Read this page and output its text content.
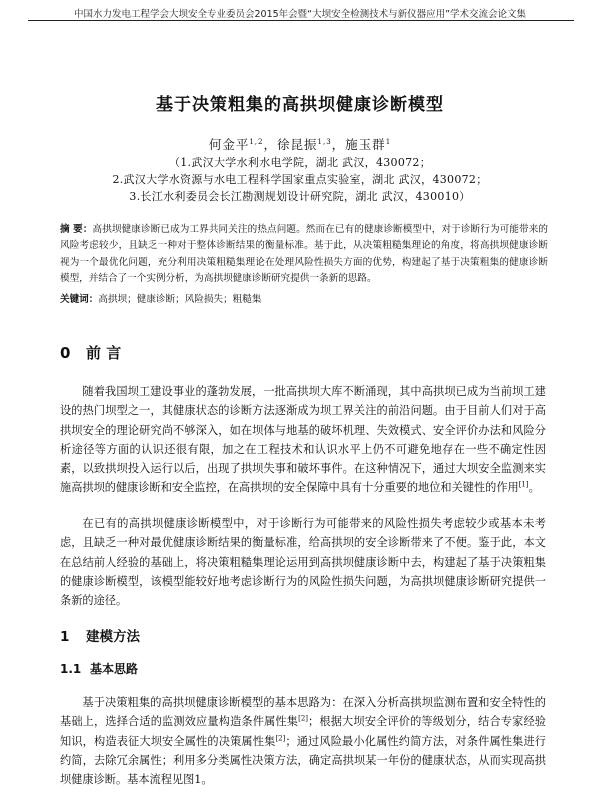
中国水力发电工程学会大坝安全专业委员会2015年会暨“大坝安全检测技术与新仪器应用”学术交流会论文集
基于决策粗集的高拱坝健康诊断模型
何金平$^{1,2}$，徐昆振$^{1,3}$，施玉群$^1$
（1.武汉大学水利水电学院，湖北 武汉，430072；
2.武汉大学水资源与水电工程科学国家重点实验室，湖北 武汉，430072；
3.长江水利委员会长江勘测规划设计研究院，湖北 武汉，430010）
摘 要：高拱坝健康诊断已成为工界共同关注的热点问题。然而在已有的健康诊断模型中，对于诊断行为可能带来的风险考虑较少，且缺乏一种对于整体诊断结果的衡量标准。基于此，从决策粗糙集理论的角度，将高拱坝健康诊断视为一个最优化问题，充分利用决策粗糙集理论在处理风险性损失方面的优势，构建起了基于决策粗集的健康诊断模型，并结合了一个实例分析，为高拱坝健康诊断研究提供一条新的思路。
关键词：高拱坝；健康诊断；风险损失；粗糙集
0 前 言
随着我国坝工建设事业的蓬勃发展，一批高拱坝大库不断涌现，其中高拱坝已成为当前坝工建设的热门坝型之一，其健康状态的诊断方法逐渐成为坝工界关注的前沿问题。由于目前人们对于高拱坝安全的理论研究尚不够深入，如在坝体与地基的破坏机理、失效模式、安全评价办法和风险分析途径等方面的认识还很有限，加之在工程技术和认识水平上仍不可避免地存在一些不确定性因素，以致拱坝投入运行以后，出现了拱坝失事和破坏事件。在这种情况下，通过大坝安全监测来实施高拱坝的健康诊断和安全监控，在高拱坝的安全保障中具有十分重要的地位和关键性的作用[1]。
在已有的高拱坝健康诊断模型中，对于诊断行为可能带来的风险性损失考虑较少或基本未考虑，且缺乏一种对最优健康诊断结果的衡量标准，给高拱坝的安全诊断带来了不便。鉴于此，本文在总结前人经验的基础上，将决策粗糙集理论运用到高拱坝健康诊断中去，构建起了基于决策粗集的健康诊断模型，该模型能较好地考虑诊断行为的风险性损失问题，为高拱坝健康诊断研究提供一条新的途径。
1 建模方法
1.1 基本思路
基于决策粗集的高拱坝健康诊断模型的基本思路为：在深入分析高拱坝监测布置和安全特性的基础上，选择合适的监测效应量构造条件属性集[2]；根据大坝安全评价的等级划分，结合专家经验知识，构造表征大坝安全属性的决策属性集[2]；通过风险最小化属性约简方法，对条件属性集进行约简，去除冗余属性；利用多分类属性决策方法，确定高拱坝某一年份的健康状态，从而实现高拱坝健康诊断。基本流程见图1。
